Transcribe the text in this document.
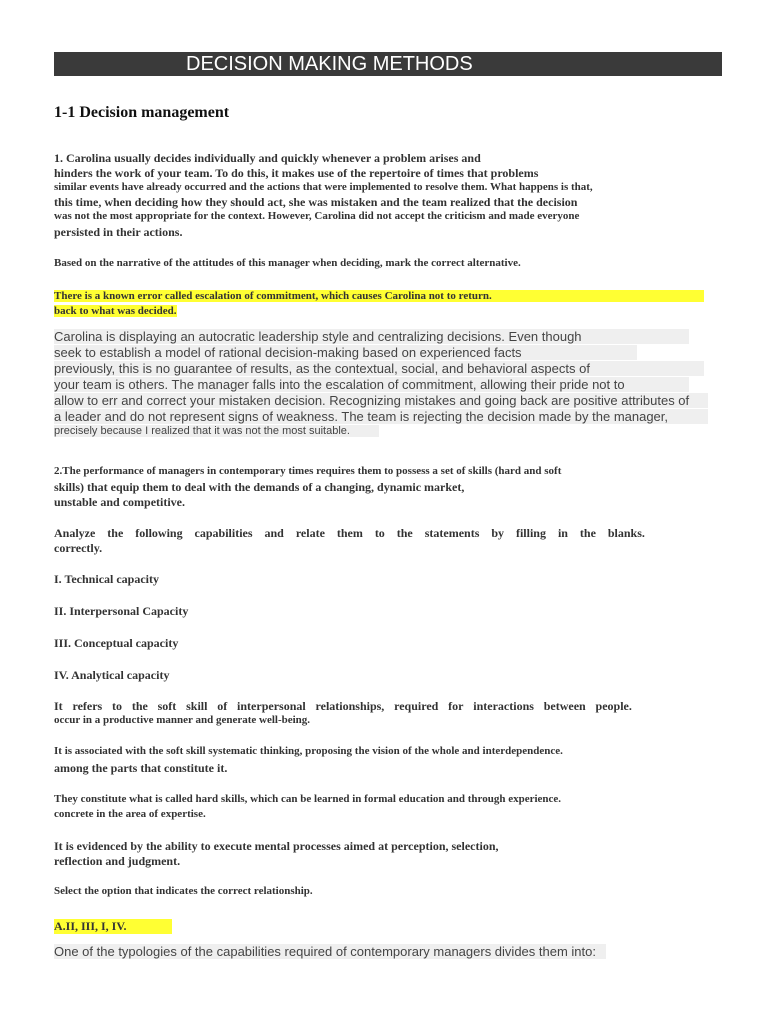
DECISION MAKING METHODS
1-1 Decision management
1. Carolina usually decides individually and quickly whenever a problem arises and
hinders the work of your team. To do this, it makes use of the repertoire of times that problems
similar events have already occurred and the actions that were implemented to resolve them. What happens is that,
this time, when deciding how they should act, she was mistaken and the team realized that the decision
was not the most appropriate for the context. However, Carolina did not accept the criticism and made everyone
persisted in their actions.
Based on the narrative of the attitudes of this manager when deciding, mark the correct alternative.
There is a known error called escalation of commitment, which causes Carolina not to return.
back to what was decided.
Carolina is displaying an autocratic leadership style and centralizing decisions. Even though
seek to establish a model of rational decision-making based on experienced facts
previously, this is no guarantee of results, as the contextual, social, and behavioral aspects of
your team is others. The manager falls into the escalation of commitment, allowing their pride not to
allow to err and correct your mistaken decision. Recognizing mistakes and going back are positive attributes of
a leader and do not represent signs of weakness. The team is rejecting the decision made by the manager,
precisely because I realized that it was not the most suitable.
2.The performance of managers in contemporary times requires them to possess a set of skills (hard and soft
skills) that equip them to deal with the demands of a changing, dynamic market,
unstable and competitive.
Analyze the following capabilities and relate them to the statements by filling in the blanks.
correctly.
I. Technical capacity
II. Interpersonal Capacity
III. Conceptual capacity
IV. Analytical capacity
It refers to the soft skill of interpersonal relationships, required for interactions between people.
occur in a productive manner and generate well-being.
It is associated with the soft skill systematic thinking, proposing the vision of the whole and interdependence.
among the parts that constitute it.
They constitute what is called hard skills, which can be learned in formal education and through experience.
concrete in the area of expertise.
It is evidenced by the ability to execute mental processes aimed at perception, selection,
reflection and judgment.
Select the option that indicates the correct relationship.
A.II, III, I, IV.
One of the typologies of the capabilities required of contemporary managers divides them into:
